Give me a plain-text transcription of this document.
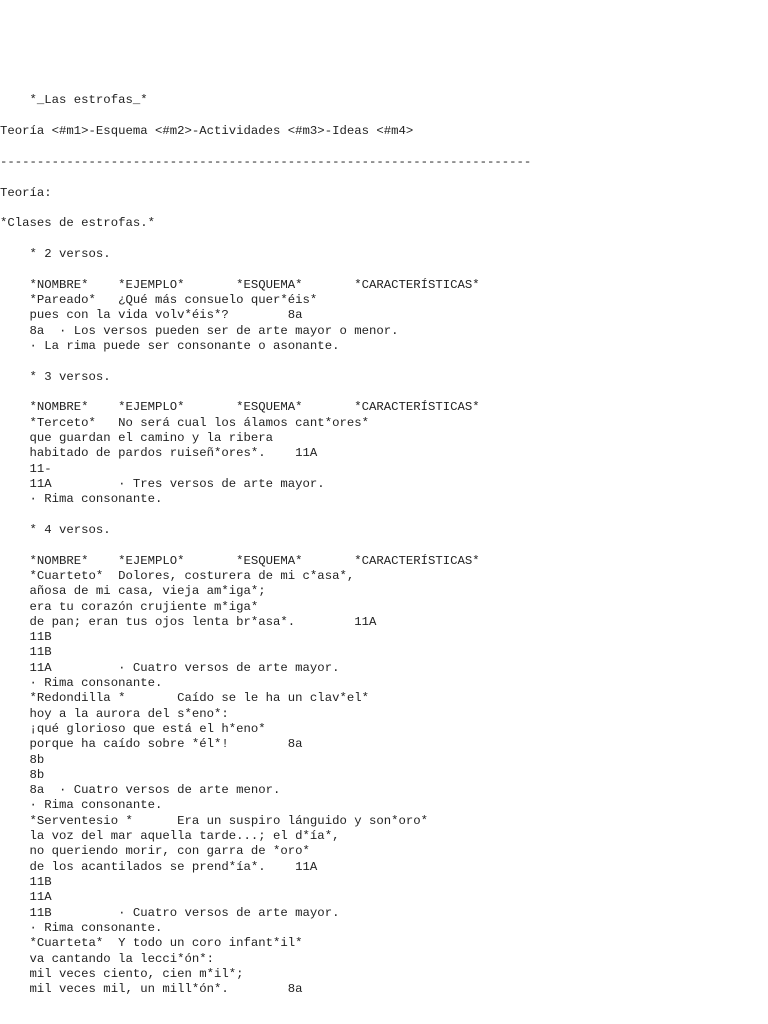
*_Las estrofas_*
Teoría <#m1>-Esquema <#m2>-Actividades <#m3>-Ideas <#m4>
------------------------------------------------------------------------
Teoría:
*Clases de estrofas.*
* 2 versos.
*NOMBRE*    *EJEMPLO*       *ESQUEMA*       *CARACTERÍSTICAS*
*Pareado*   ¿Qué más consuelo quer*éis*
pues con la vida volv*éis*?        8a
8a  · Los versos pueden ser de arte mayor o menor.
· La rima puede ser consonante o asonante.
* 3 versos.
*NOMBRE*    *EJEMPLO*       *ESQUEMA*       *CARACTERÍSTICAS*
*Terceto*   No será cual los álamos cant*ores*
que guardan el camino y la ribera
habitado de pardos ruiseñ*ores*.    11A
11-
11A         · Tres versos de arte mayor.
· Rima consonante.
* 4 versos.
*NOMBRE*    *EJEMPLO*       *ESQUEMA*       *CARACTERÍSTICAS*
*Cuarteto*  Dolores, costurera de mi c*asa*,
añosa de mi casa, vieja am*iga*;
era tu corazón crujiente m*iga*
de pan; eran tus ojos lenta br*asa*.        11A
11B
11B
11A         · Cuatro versos de arte mayor.
· Rima consonante.
*Redondilla *       Caído se le ha un clav*el*
hoy a la aurora del s*eno*:
¡qué glorioso que está el h*eno*
porque ha caído sobre *él*!        8a
8b
8b
8a  · Cuatro versos de arte menor.
· Rima consonante.
*Serventesio *      Era un suspiro lánguido y son*oro*
la voz del mar aquella tarde...; el d*ía*,
no queriendo morir, con garra de *oro*
de los acantilados se prend*ía*.    11A
11B
11A
11B         · Cuatro versos de arte mayor.
· Rima consonante.
*Cuarteta*  Y todo un coro infant*il*
va cantando la lecci*ón*:
mil veces ciento, cien m*il*;
mil veces mil, un mill*ón*.        8a
